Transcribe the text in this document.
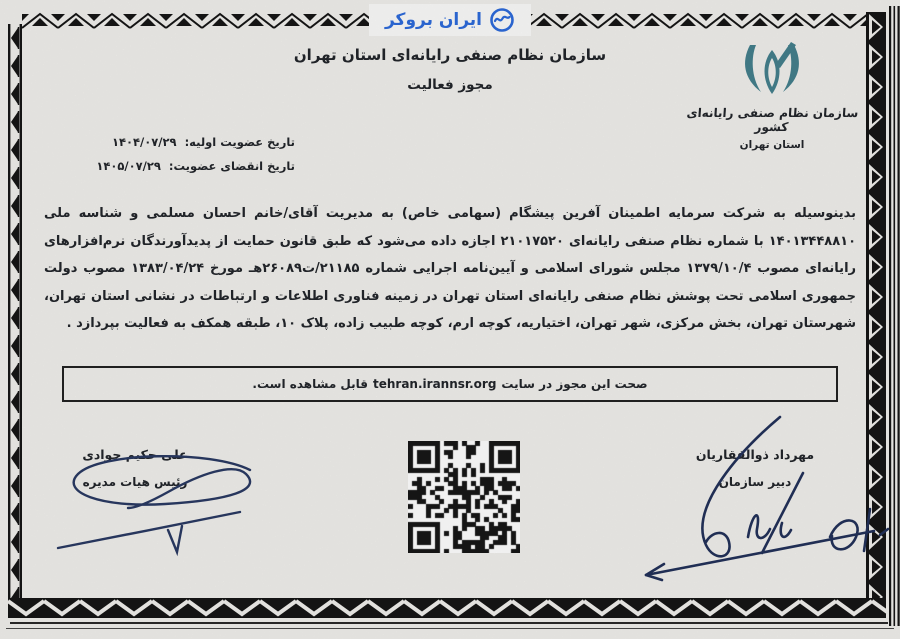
ایران بروکر
سازمان نظام صنفی رایانه‌ای استان تهران
مجوز فعالیت
سازمان نظام صنفی رایانه‌ای کشور
استان تهران
تاریخ عضویت اولیه: ۱۴۰۴/۰۷/۲۹
تاریخ انقضای عضویت: ۱۴۰۵/۰۷/۲۹
بدینوسیله به شرکت سرمایه اطمینان آفرین پیشگام (سهامی خاص) به مدیریت آقای/خانم احسان مسلمی و شناسه ملی ۱۴۰۱۳۴۴۸۸۱۰ با شماره نظام صنفی رایانه‌ای ۲۱۰۱۷۵۲۰ اجازه داده می‌شود که طبق قانون حمایت از پدیدآورندگان نرم‌افزارهای رایانه‌ای مصوب ۱۳۷۹/۱۰/۴ مجلس شورای اسلامی و آیین‌نامه اجرایی شماره ۲۱۱۸۵/ت۲۶۰۸۹هـ مورخ ۱۳۸۳/۰۴/۲۴ مصوب دولت جمهوری اسلامی تحت پوشش نظام صنفی رایانه‌ای استان تهران در زمینه فناوری اطلاعات و ارتباطات در نشانی استان تهران، شهرستان تهران، بخش مرکزی، شهر تهران، اختیاریه، کوچه ارم، کوچه طبیب زاده، پلاک ۱۰، طبقه همکف به فعالیت بپردازد .
صحت این مجوز در سایت
tehran.irannsr.org
قابل مشاهده است.
علی حکیم جوادی
رئیس هیات مدیره
مهرداد ذوالفقاریان
دبیر سازمان
